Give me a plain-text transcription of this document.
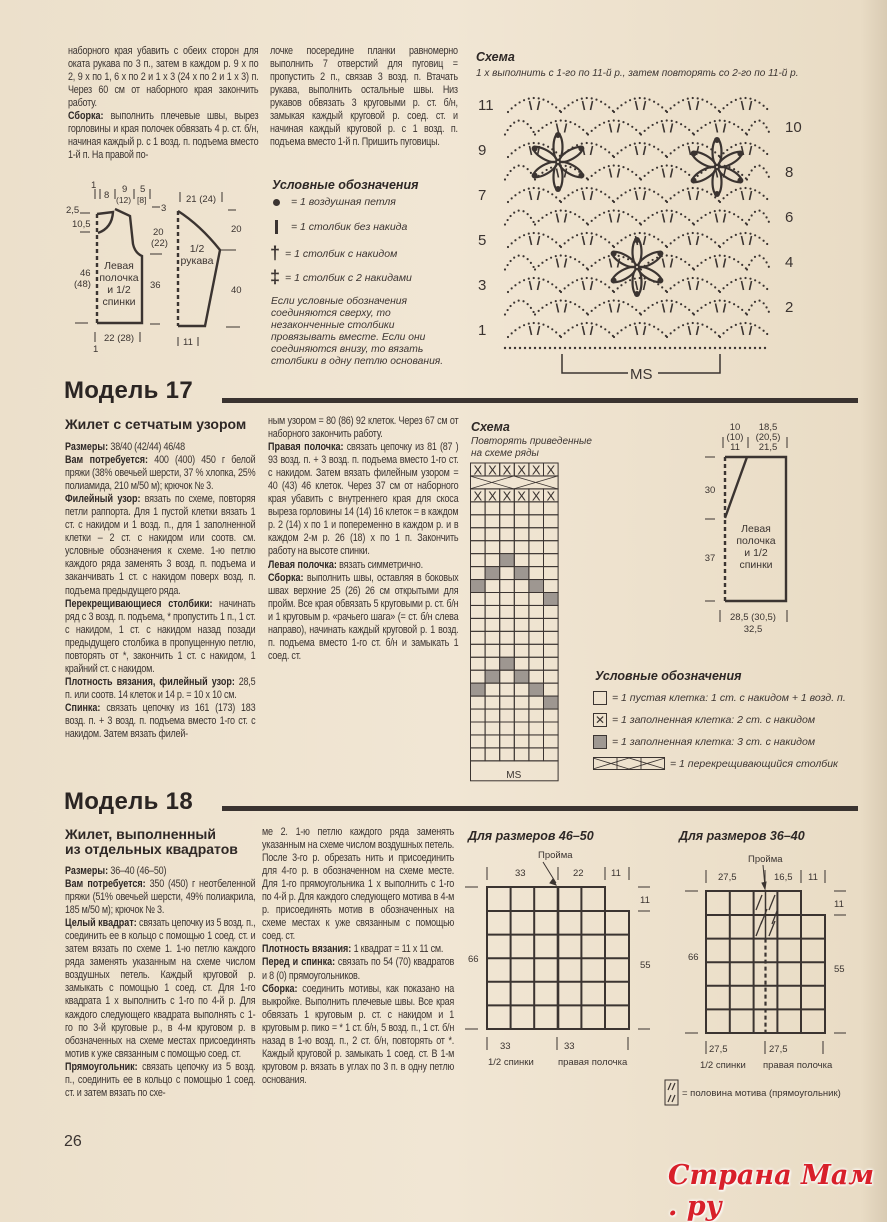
наборного края убавить с обеих сторон для оката рукава по 3 п., затем в каждом р. 9 х по 2, 9 х по 1, 6 х по 2 и 1 х 3 (24 х по 2 и 1 х 3) п. Через 60 см от наборного края закончить работу.

Сборка: выполнить плечевые швы, вырез горловины и края полочек обвязать 4 р. ст. б/н, начиная каждый р. с 1 возд. п. подъема вместо 1-й п. На правой по-

лочке посередине планки равномерно выполнить 7 отверстий для пуговиц = пропустить 2 п., связав 3 возд. п. Втачать рукава, выполнить остальные швы. Низ рукавов обвязать 3 круговыми р. ст. б/н, замыкая каждый круговой р. соед. ст. и начиная каждый круговой р. с 1 возд. п. подъема вместо 1-й п. Пришить пуговицы.

1
8
9
(12)
5
[8]
2,5
10,5
3
20
(22)
46
(48)	36
22 (28)
1
21 (24)
20
40
11
Левая
полочка
и 1/2
спинки
1/2
рукава
Условные обозначения
= 1 воздушная петля
= 1 столбик без накида
† = 1 столбик с накидом
‡ = 1 столбик с 2 накидами
Если условные обозначения соединяются сверху, то незаконченные столбики провязывать вместе. Если они соединяются внизу, то вязать столбики в одну петлю основания.
Схема
1 х выполнить с 1-го по 11-й р., затем повторять со 2-го по 11-й р.
11
9
7
5
3
1
10
8
6
4
2
MS
Модель 17
Жилет с сетчатым узором

Размеры: 38/40 (42/44) 46/48

Вам потребуется: 400 (400) 450 г белой пряжи (38% овечьей шерсти, 37 % хлопка, 25% полиамида, 210 м/50 м); крючок № 3.

Филейный узор: вязать по схеме, повторяя петли раппорта. Для 1 пустой клетки вязать 1 ст. с накидом и 1 возд. п., для 1 заполненной клетки – 2 ст. с накидом или соотв. см. условные обозначения к схеме. 1-ю петлю каждого ряда заменять 3 возд. п. подъема и заканчивать 1 ст. с накидом поверх возд. п. подъема предыдущего ряда.

Перекрещивающиеся столбики: начинать ряд с 3 возд. п. подъема, * пропустить 1 п., 1 ст. с накидом, 1 ст. с накидом назад позади предыдущего столбика в пропущенную петлю, повторять от *, закончить 1 ст. с накидом, 1 крайний ст. с накидом.

Плотность вязания, филейный узор: 28,5 п. или соотв. 14 клеток и 14 р. = 10 х 10 см.

Спинка: связать цепочку из 161 (173) 183 возд. п. + 3 возд. п. подъема вместо 1-го ст. с накидом. Затем вязать филей-

ным узором = 80 (86) 92 клеток. Через 67 см от наборного закончить работу.

Правая полочка: связать цепочку из 81 (87 ) 93 возд. п. + 3 возд. п. подъема вместо 1-го ст. с накидом. Затем вязать филейным узором = 40 (43) 46 клеток. Через 37 см от наборного края убавить с внутреннего края для скоса выреза горловины 14 (14) 16 клеток = в каждом р. 2 (14) х по 1 и попеременно в каждом р. и в каждом 2-м р. 26 (18) х по 1 п. Закончить работу на высоте спинки.

Левая полочка: вязать симметрично.

Сборка: выполнить швы, оставляя в боковых швах верхние 25 (26) 26 см открытыми для пройм. Все края обвязать 5 круговыми р. ст. б/н и 1 круговым р. «рачьего шага» (= ст. б/н слева направо), начинать каждый круговой р. 1 возд. п. подъема вместо 1-го ст. б/н и замыкать 1 соед. ст.

Схема
Повторять приведенные на схеме ряды
X X X X X X
X X X X X X
MS
10
(10)
11
18,5
(20,5)
21,5
30
37
28,5 (30,5)
32,5
Левая
полочка
и 1/2
спинки
Условные обозначения
= 1 пустая клетка: 1 ст. с накидом + 1 возд. п.
✕ = 1 заполненная клетка: 2 ст. с накидом
= 1 заполненная клетка: 3 ст. с накидом
= 1 перекрещивающийся столбик
Модель 18
Жилет, выполненный
из отдельных квадратов

Размеры: 36–40 (46–50)

Вам потребуется: 350 (450) г неотбеленной пряжи (51% овечьей шерсти, 49% полиакрила, 185 м/50 м); крючок № 3.

Целый квадрат: связать цепочку из 5 возд. п., соединить ее в кольцо с помощью 1 соед. ст. и затем вязать по схеме 1. 1-ю петлю каждого ряда заменять указанным на схеме числом воздушных петель. Каждый круговой р. замыкать с помощью 1 соед. ст. Для 1-го квадрата 1 х выполнить с 1-го по 4-й р. Для каждого следующего квадрата выполнять с 1-го по 3-й круговые р., в 4-м круговом р. в обозначенных на схеме местах присоединять мотив к уже связанным с помощью соед. ст.

Прямоугольник: связать цепочку из 5 возд. п., соединить ее в кольцо с помощью 1 соед. ст. и затем вязать по схе-

ме 2. 1-ю петлю каждого ряда заменять указанным на схеме числом воздушных петель. После 3-го р. обрезать нить и присоединить для 4-го р. в обозначенном на схеме месте. Для 1-го прямоугольника 1 х выполнить с 1-го по 4-й р. Для каждого следующего мотива в 4-м р. присоединять мотив в обозначенных на схеме местах к уже связанным с помощью соед. ст.

Плотность вязания: 1 квадрат = 11 х 11 см.

Перед и спинка: связать по 54 (70) квадратов и 8 (0) прямоугольников.

Сборка: соединить мотивы, как показано на выкройке. Выполнить плечевые швы. Все края обвязать 1 круговым р. ст. с накидом и 1 круговым р. пико = * 1 ст. б/н, 5 возд. п., 1 ст. б/н назад в 1-ю возд. п., 2 ст. б/н, повторять от *. Каждый круговой р. замыкать 1 соед. ст. В 1-м круговом р. вязать в углах по 3 п. в одну петлю основания.

Для размеров 46–50	Для размеров 36–40
Пройма
33	22	11
11
66
55
33	33
1/2 спинки	правая полочка
Пройма
27,5	16,5 11
11
66
55
27,5	27,5
1/2 спинки правая полочка
= половина мотива (прямоугольник)
26
Страна Мам . ру
